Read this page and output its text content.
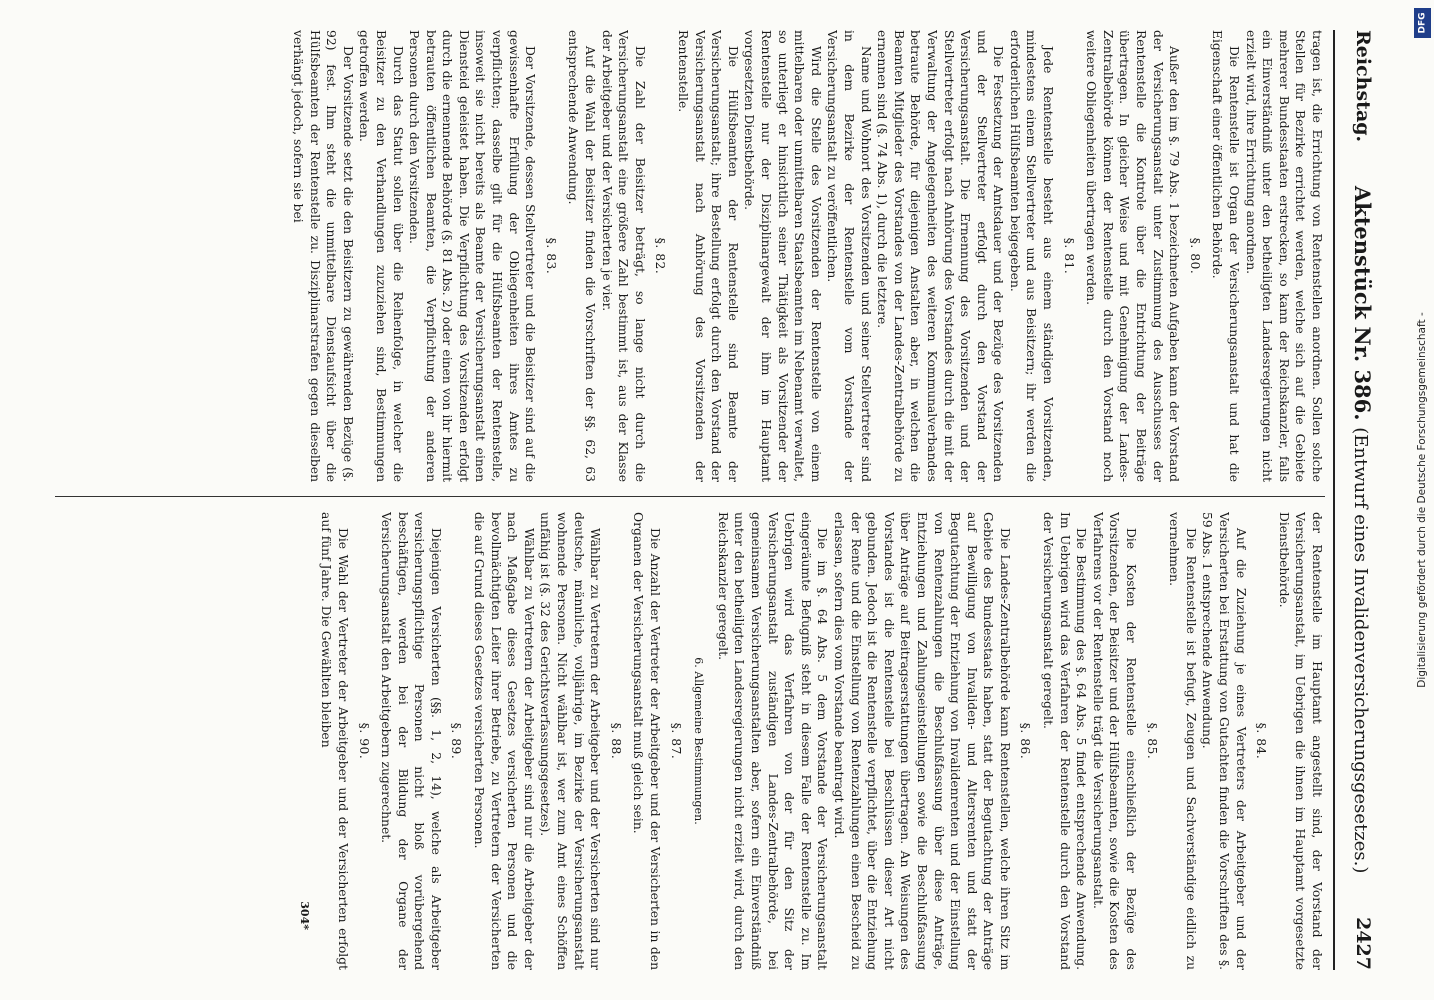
Reichstag.
Aktenstück Nr. 386. (Entwurf eines Invalidenversicherungsgesetzes.)
2427

tragen ist, die Errichtung von Rentenstellen anordnen. Sollen solche Stellen für Bezirke errichtet werden, welche sich auf die Gebiete mehrerer Bundesstaaten erstrecken, so kann der Reichskanzler, falls ein Einverständniß unter den betheiligten Landesregierungen nicht erzielt wird, ihre Errichtung anordnen.

Die Rentenstelle ist Organ der Versicherungsanstalt und hat die Eigenschaft einer öffentlichen Behörde.

§. 80.

Außer den im §. 79 Abs. 1 bezeichneten Aufgaben kann der Vorstand der Versicherungsanstalt unter Zustimmung des Ausschusses der Rentenstelle die Kontrole über die Entrichtung der Beiträge übertragen. In gleicher Weise und mit Genehmigung der Landes-Zentralbehörde können der Rentenstelle durch den Vorstand noch weitere Obliegenheiten übertragen werden.

§. 81.

Jede Rentenstelle besteht aus einem ständigen Vorsitzenden, mindestens einem Stellvertreter und aus Beisitzern; ihr werden die erforderlichen Hülfsbeamten beigegeben.

Die Festsetzung der Amtsdauer und der Bezüge des Vorsitzenden und der Stellvertreter erfolgt durch den Vorstand der Versicherungsanstalt. Die Ernennung des Vorsitzenden und der Stellvertreter erfolgt nach Anhörung des Vorstandes durch die mit der Verwaltung der Angelegenheiten des weiteren Kommunalverbandes betraute Behörde, für diejenigen Anstalten aber, in welchen die Beamten Mitglieder des Vorstandes von der Landes-Zentralbehörde zu ernennen sind (§. 74 Abs. 1), durch die letztere.

Name und Wohnort des Vorsitzenden und seiner Stellvertreter sind in dem Bezirke der Rentenstelle vom Vorstande der Versicherungsanstalt zu veröffentlichen.

Wird die Stelle des Vorsitzenden der Rentenstelle von einem mittelbaren oder unmittelbaren Staatsbeamten im Nebenamt verwaltet, so unterliegt er hinsichtlich seiner Thätigkeit als Vorsitzender der Rentenstelle nur der Disziplinargewalt der ihm im Hauptamt vorgesetzten Dienstbehörde.

Die Hülfsbeamten der Rentenstelle sind Beamte der Versicherungsanstalt; ihre Bestellung erfolgt durch den Vorstand der Versicherungsanstalt nach Anhörung des Vorsitzenden der Rentenstelle.

§. 82.

Die Zahl der Beisitzer beträgt, so lange nicht durch die Versicherungsanstalt eine größere Zahl bestimmt ist, aus der Klasse der Arbeitgeber und der Versicherten je vier.

Auf die Wahl der Beisitzer finden die Vorschriften der §§. 62, 63 entsprechende Anwendung.

§. 83.

Der Vorsitzende, dessen Stellvertreter und die Beisitzer sind auf die gewissenhafte Erfüllung der Obliegenheiten ihres Amtes zu verpflichten; dasselbe gilt für die Hülfsbeamten der Rentenstelle, insoweit sie nicht bereits als Beamte der Versicherungsanstalt einen Diensteid geleistet haben. Die Verpflichtung des Vorsitzenden erfolgt durch die ernennende Behörde (§. 81 Abs. 2) oder einen von ihr hiermit betrauten öffentlichen Beamten, die Verpflichtung der anderen Personen durch den Vorsitzenden.

Durch das Statut sollen über die Reihenfolge, in welcher die Beisitzer zu den Verhandlungen zuzuziehen sind, Bestimmungen getroffen werden.

Der Vorsitzende setzt die den Beisitzern zu gewährenden Bezüge (§. 92) fest. Ihm steht die unmittelbare Dienstaufsicht über die Hülfsbeamten der Rentenstelle zu. Disziplinarstrafen gegen dieselben verhängt jedoch, sofern sie bei

der Rentenstelle im Hauptamt angestellt sind, der Vorstand der Versicherungsanstalt, im Uebrigen die ihnen im Hauptamt vorgesetzte Dienstbehörde.

§. 84.

Auf die Zuziehung je eines Vertreters der Arbeitgeber und der Versicherten bei Erstattung von Gutachten finden die Vorschriften des §. 59 Abs. 1 entsprechende Anwendung.

Die Rentenstelle ist befugt, Zeugen und Sachverständige eidlich zu vernehmen.

§. 85.

Die Kosten der Rentenstelle einschließlich der Bezüge des Vorsitzenden, der Beisitzer und der Hülfsbeamten, sowie die Kosten des Verfahrens vor der Rentenstelle trägt die Versicherungsanstalt.

Die Bestimmung des §. 64 Abs. 5 findet entsprechende Anwendung. Im Uebrigen wird das Verfahren der Rentenstelle durch den Vorstand der Versicherungsanstalt geregelt.

§. 86.

Die Landes-Zentralbehörde kann Rentenstellen, welche ihren Sitz im Gebiete des Bundesstaats haben, statt der Begutachtung der Anträge auf Bewilligung von Invaliden- und Altersrenten und statt der Begutachtung der Entziehung von Invalidenrenten und der Einstellung von Rentenzahlungen die Beschlußfassung über diese Anträge, Entziehungen und Zahlungseinstellungen sowie die Beschlußfassung über Anträge auf Beitragserstattungen übertragen. An Weisungen des Vorstandes ist die Rentenstelle bei Beschlüssen dieser Art nicht gebunden. Jedoch ist die Rentenstelle verpflichtet, über die Entziehung der Rente und die Einstellung von Rentenzahlungen einen Bescheid zu erlassen, sofern dies vom Vorstande beantragt wird.

Die im §. 64 Abs. 5 dem Vorstande der Versicherungsanstalt eingeräumte Befugniß steht in diesem Falle der Rentenstelle zu. Im Uebrigen wird das Verfahren von der für den Sitz der Versicherungsanstalt zuständigen Landes-Zentralbehörde, bei gemeinsamen Versicherungsanstalten aber, sofern ein Einverständniß unter den betheiligten Landesregierungen nicht erzielt wird, durch den Reichskanzler geregelt.

6. Allgemeine Bestimmungen.
§. 87.

Die Anzahl der Vertreter der Arbeitgeber und der Versicherten in den Organen der Versicherungsanstalt muß gleich sein.

§. 88.

Wählbar zu Vertretern der Arbeitgeber und der Versicherten sind nur deutsche, männliche, volljährige, im Bezirke der Versicherungsanstalt wohnende Personen. Nicht wählbar ist, wer zum Amt eines Schöffen unfähig ist (§. 32 des Gerichtsverfassungsgesetzes).

Wählbar zu Vertretern der Arbeitgeber sind nur die Arbeitgeber der nach Maßgabe dieses Gesetzes versicherten Personen und die bevollmächtigten Leiter ihrer Betriebe, zu Vertretern der Versicherten die auf Grund dieses Gesetzes versicherten Personen.

§. 89.

Diejenigen Versicherten (§§. 1, 2, 14), welche als Arbeitgeber versicherungspflichtige Personen nicht bloß vorübergehend beschäftigen, werden bei der Bildung der Organe der Versicherungsanstalt den Arbeitgebern zugerechnet.

§. 90.

Die Wahl der Vertreter der Arbeitgeber und der Versicherten erfolgt auf fünf Jahre. Die Gewählten bleiben

304*
DFG
Digitalisierung gefördert durch die Deutsche Forschungsgemeinschaft -
